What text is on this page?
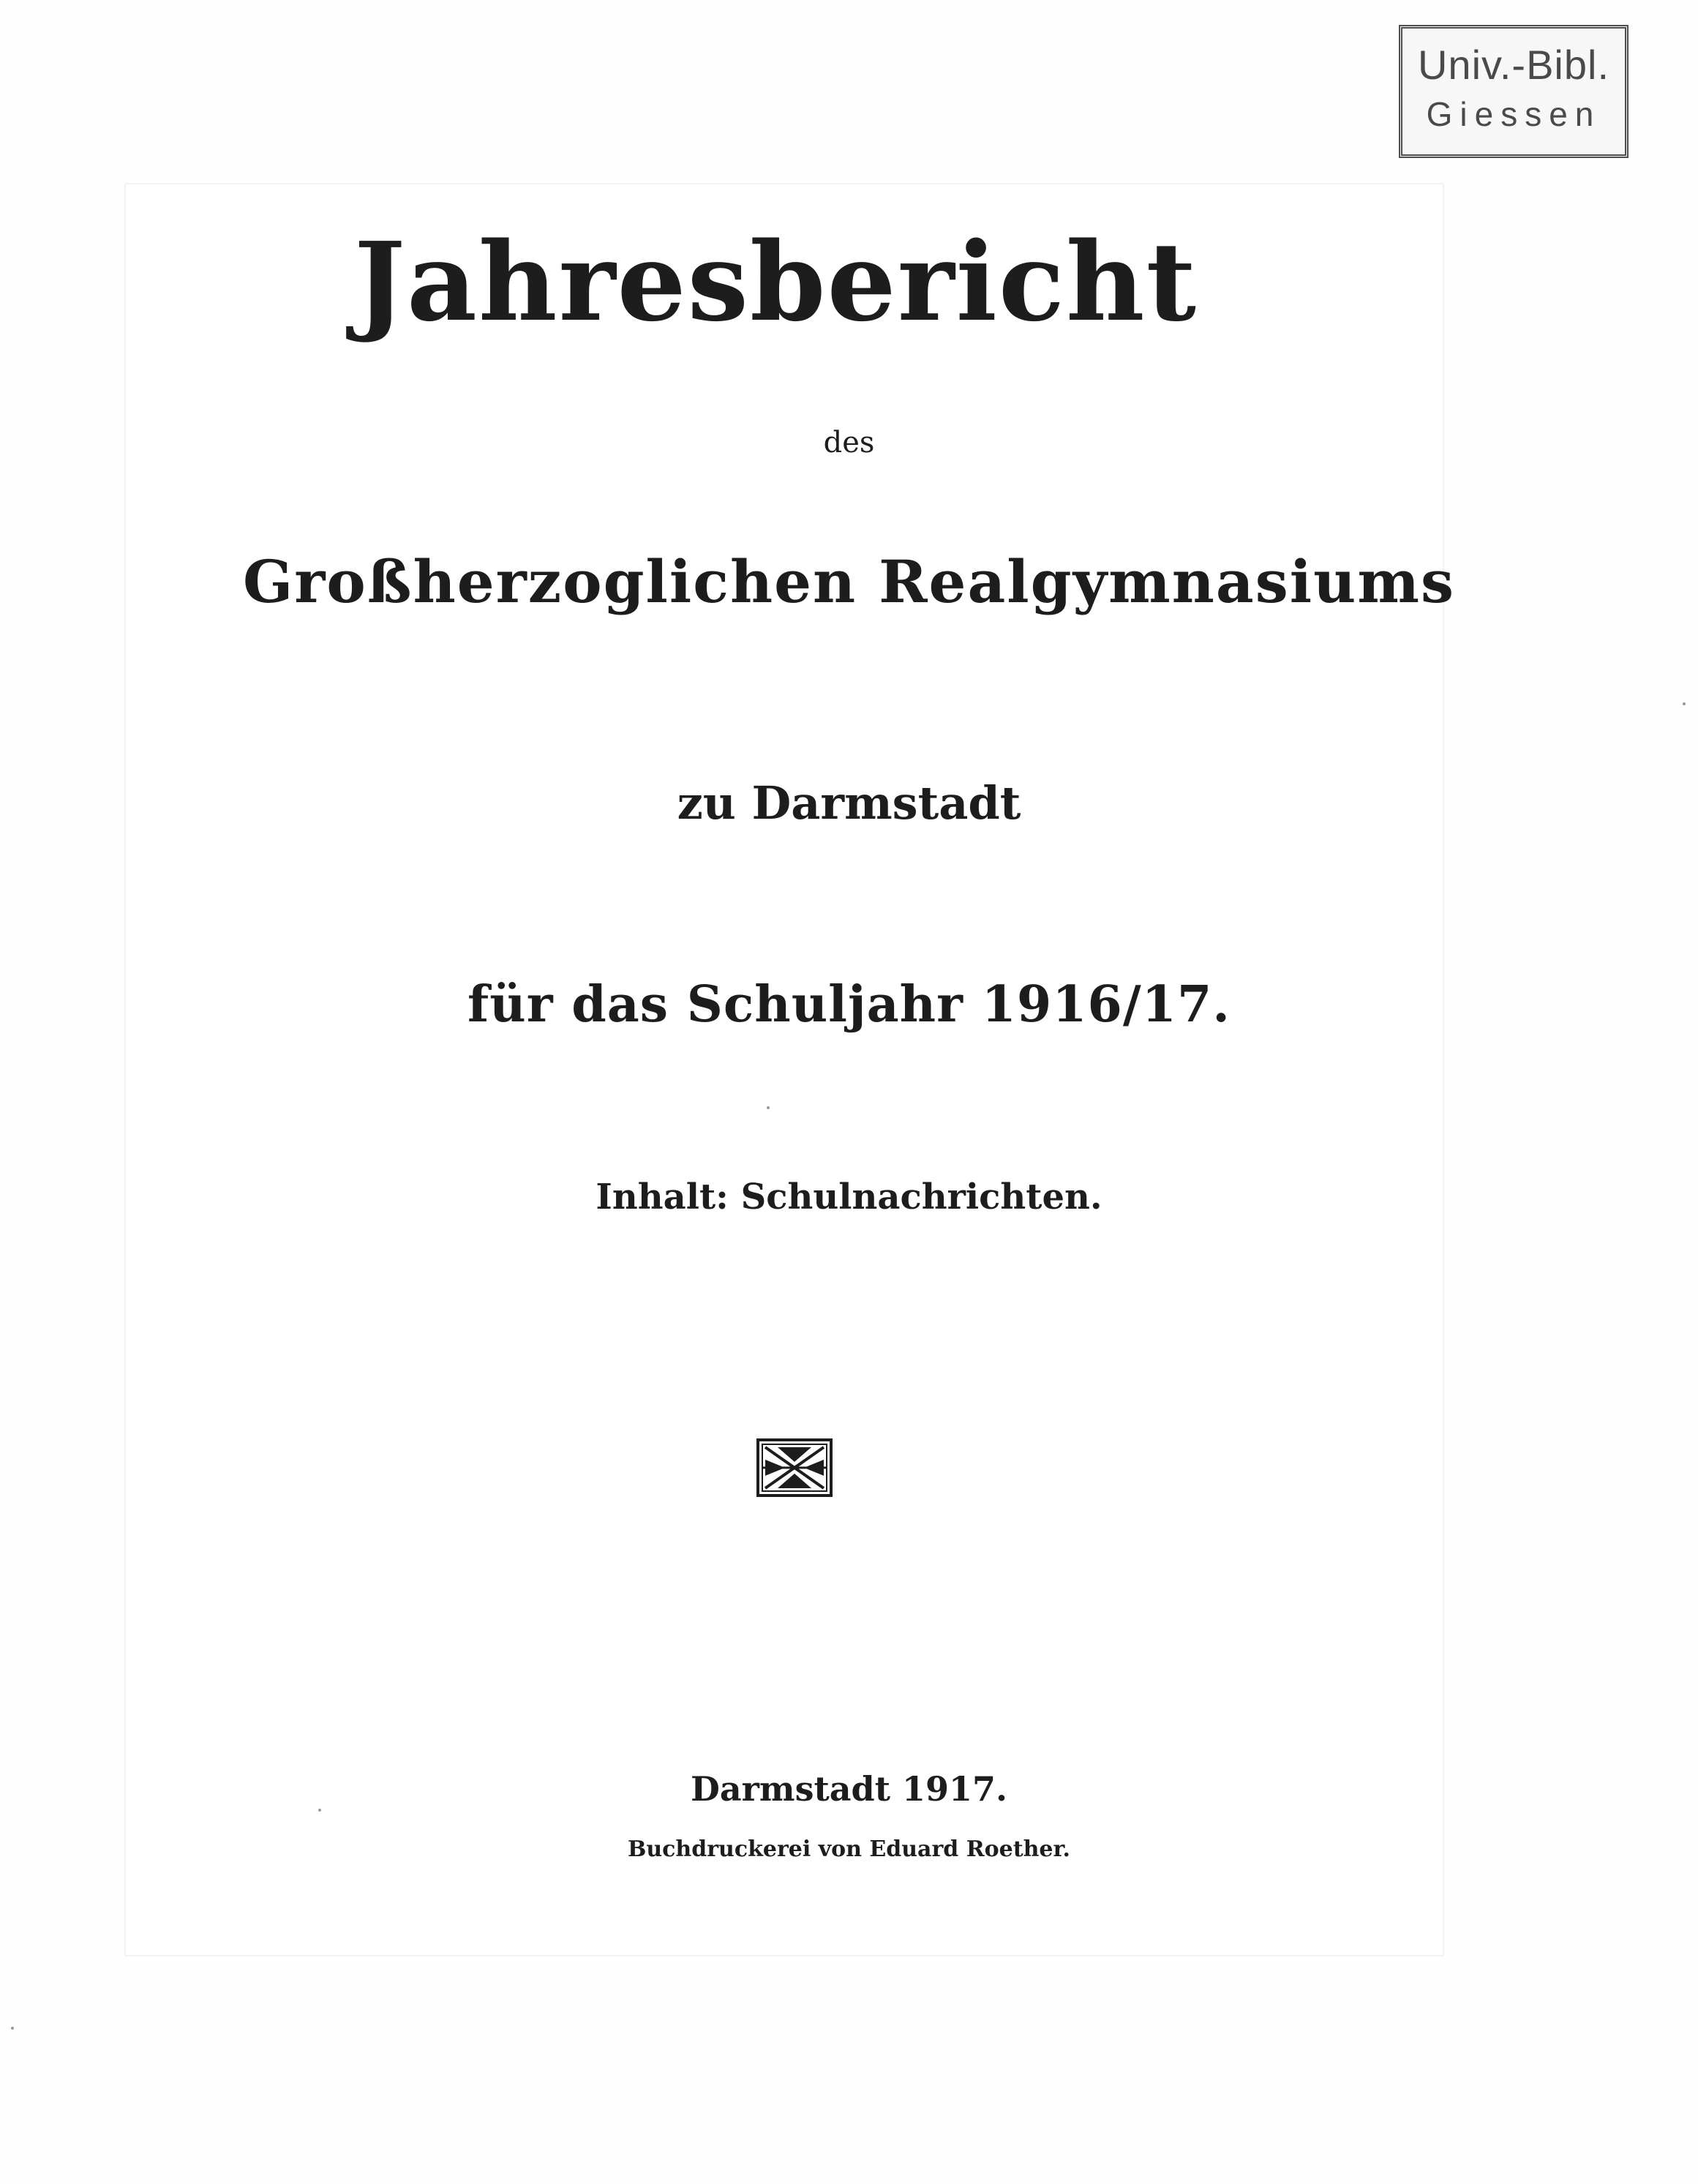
Univ.-Bibl.
Giessen
Jahresbericht
des
Großherzoglichen Realgymnasiums
zu Darmstadt
für das Schuljahr 1916/17.
Inhalt: Schulnachrichten.
Darmstadt 1917.
Buchdruckerei von Eduard Roether.
